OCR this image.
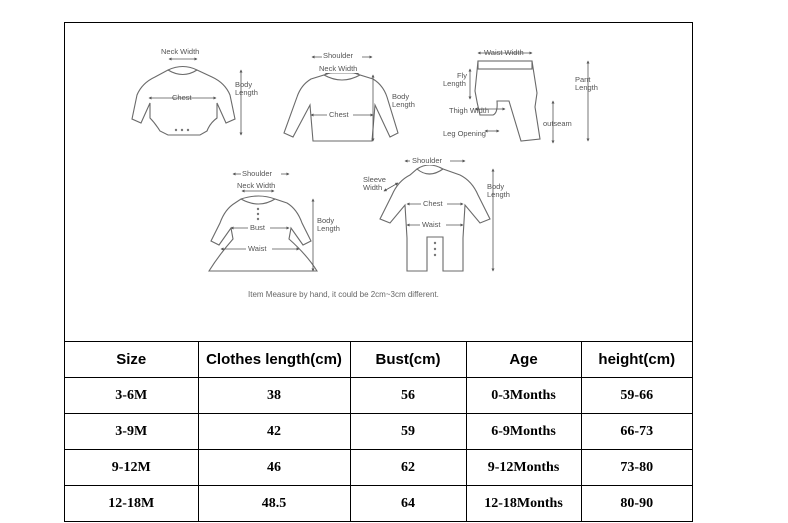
Neck Width
Chest
Body
Length
Shoulder
Neck Width
Chest
Body
Length
Waist Width
Fly
Length	Pant
Length
Thigh Width
outseam
Leg Opening
Shoulder
Neck Width
Bust
Waist
Body
Length
Shoulder
Sleeve
Width
Chest
Waist
Body
Length
Item Measure by hand, it could be 2cm~3cm different.
Size	Clothes length(cm)	Bust(cm)	Age	height(cm)
3-6M	38	56	0-3Months	59-66
3-9M	42	59	6-9Months	66-73
9-12M	46	62	9-12Months	73-80
12-18M	48.5	64	12-18Months	80-90
